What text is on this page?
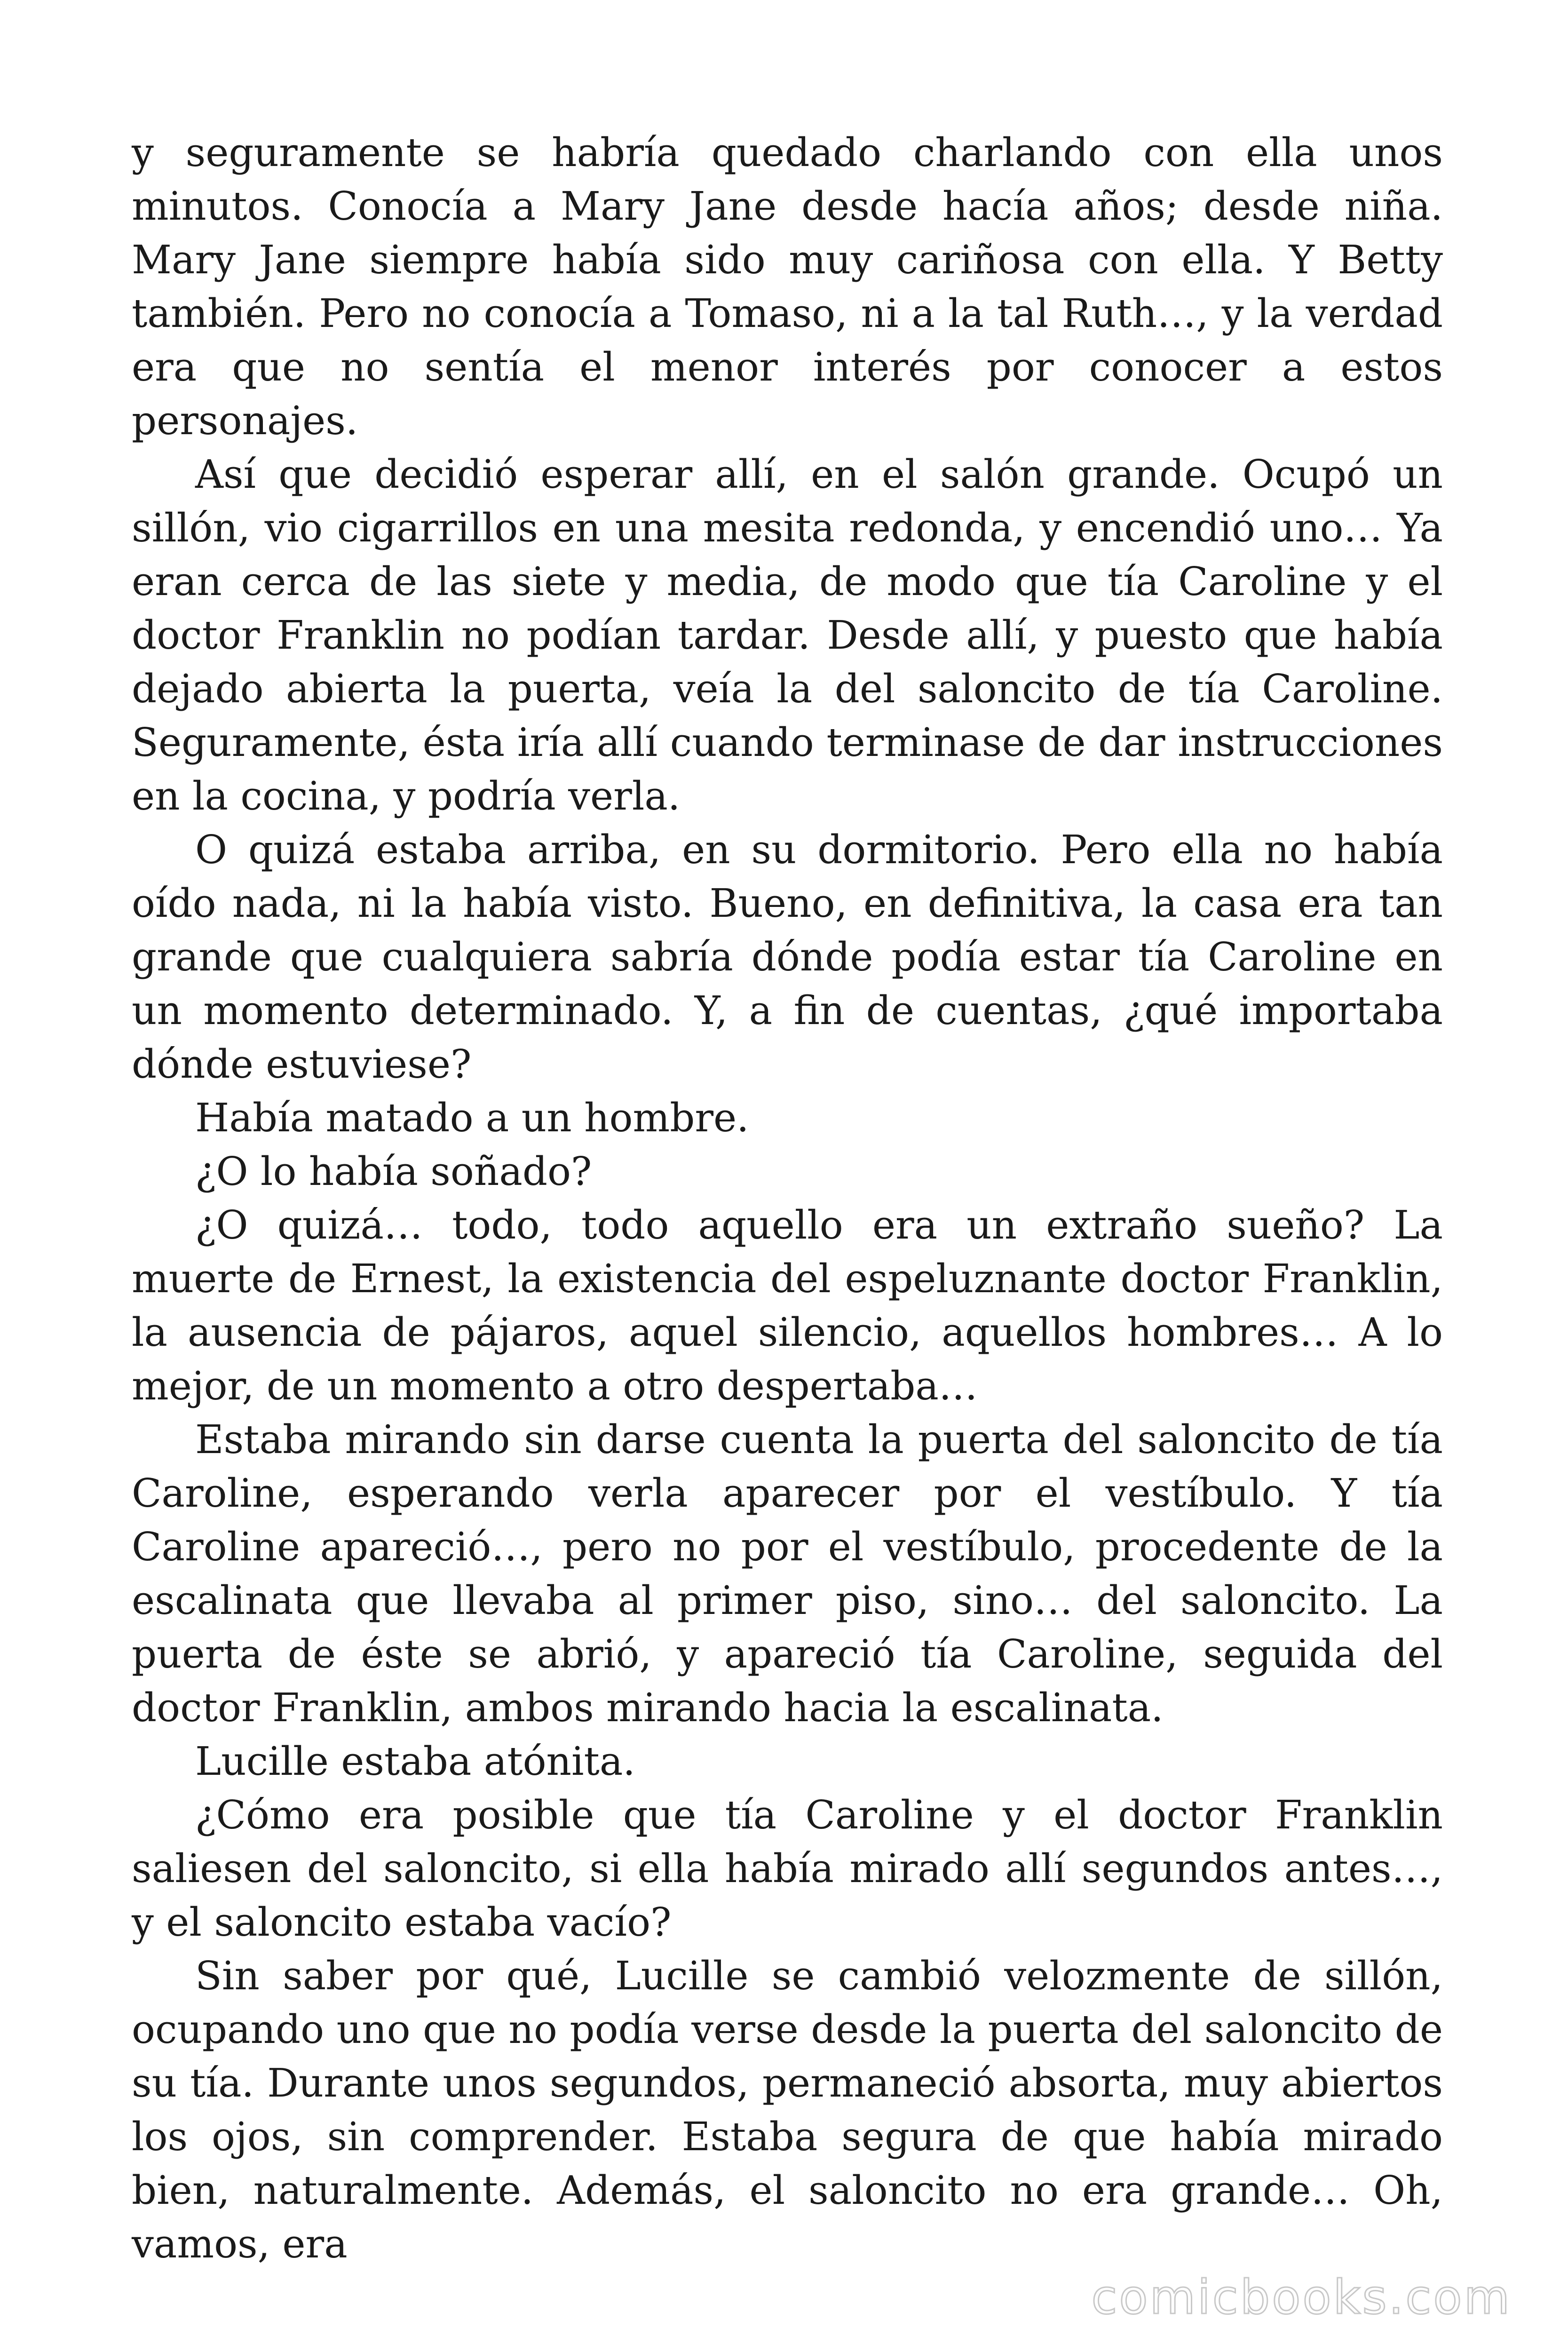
y seguramente se habría quedado charlando con ella unos minutos. Conocía a Mary Jane desde hacía años; desde niña. Mary Jane siempre había sido muy cariñosa con ella. Y Betty también. Pero no conocía a Tomaso, ni a la tal Ruth…, y la verdad era que no sentía el menor interés por conocer a estos personajes.

Así que decidió esperar allí, en el salón grande. Ocupó un sillón, vio cigarrillos en una mesita redonda, y encendió uno… Ya eran cerca de las siete y media, de modo que tía Caroline y el doctor Franklin no podían tardar. Desde allí, y puesto que había dejado abierta la puerta, veía la del saloncito de tía Caroline. Seguramente, ésta iría allí cuando terminase de dar instrucciones en la cocina, y podría verla.

O quizá estaba arriba, en su dormitorio. Pero ella no había oído nada, ni la había visto. Bueno, en definitiva, la casa era tan grande que cualquiera sabría dónde podía estar tía Caroline en un momento determinado. Y, a fin de cuentas, ¿qué importaba dónde estuviese?

Había matado a un hombre.

¿O lo había soñado?

¿O quizá… todo, todo aquello era un extraño sueño? La muerte de Ernest, la existencia del espeluznante doctor Franklin, la ausencia de pájaros, aquel silencio, aquellos hombres… A lo mejor, de un momento a otro despertaba…

Estaba mirando sin darse cuenta la puerta del saloncito de tía Caroline, esperando verla aparecer por el vestíbulo. Y tía Caroline apareció…, pero no por el vestíbulo, procedente de la escalinata que llevaba al primer piso, sino… del saloncito. La puerta de éste se abrió, y apareció tía Caroline, seguida del doctor Franklin, ambos mirando hacia la escalinata.

Lucille estaba atónita.

¿Cómo era posible que tía Caroline y el doctor Franklin saliesen del saloncito, si ella había mirado allí segundos antes…, y el saloncito estaba vacío?

Sin saber por qué, Lucille se cambió velozmente de sillón, ocupando uno que no podía verse desde la puerta del saloncito de su tía. Durante unos segundos, permaneció absorta, muy abiertos los ojos, sin comprender. Estaba segura de que había mirado bien, naturalmente. Además, el saloncito no era grande… Oh, vamos, era

comicbooks.com
